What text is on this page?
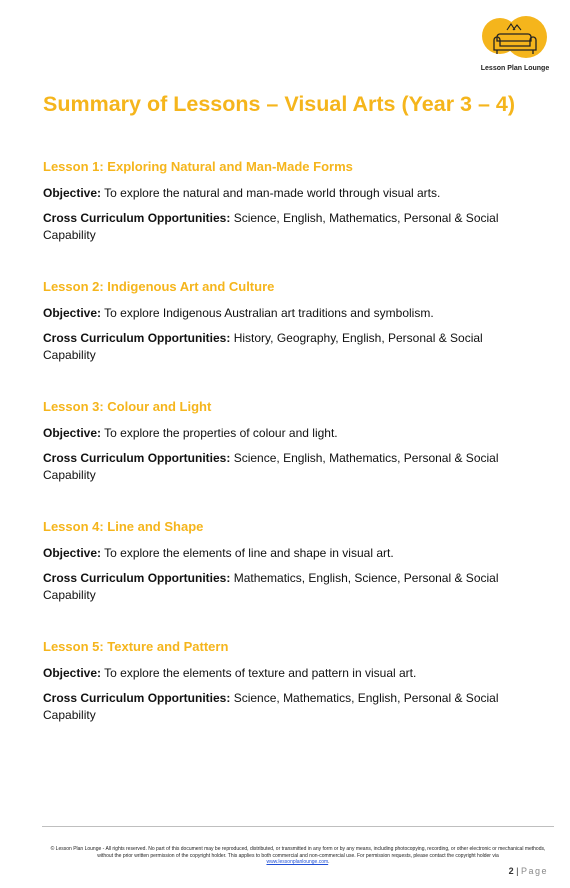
Lesson Plan Lounge
Summary of Lessons – Visual Arts (Year 3 – 4)
Lesson 1: Exploring Natural and Man-Made Forms

Objective: To explore the natural and man-made world through visual arts.

Cross Curriculum Opportunities: Science, English, Mathematics, Personal & Social Capability

Lesson 2: Indigenous Art and Culture

Objective: To explore Indigenous Australian art traditions and symbolism.

Cross Curriculum Opportunities: History, Geography, English, Personal & Social Capability

Lesson 3: Colour and Light

Objective: To explore the properties of colour and light.

Cross Curriculum Opportunities: Science, English, Mathematics, Personal & Social Capability

Lesson 4: Line and Shape

Objective: To explore the elements of line and shape in visual art.

Cross Curriculum Opportunities: Mathematics, English, Science, Personal & Social Capability

Lesson 5: Texture and Pattern

Objective: To explore the elements of texture and pattern in visual art.

Cross Curriculum Opportunities: Science, Mathematics, English, Personal & Social Capability

© Lesson Plan Lounge - All rights reserved. No part of this document may be reproduced, distributed, or transmitted in any form or by any means, including photocopying, recording, or other electronic or mechanical methods, without the prior written permission of the copyright holder. This applies to both commercial and non-commercial use. For permission requests, please contact the copyright holder via
www.lessonplanlounge.com.
2 | Page
